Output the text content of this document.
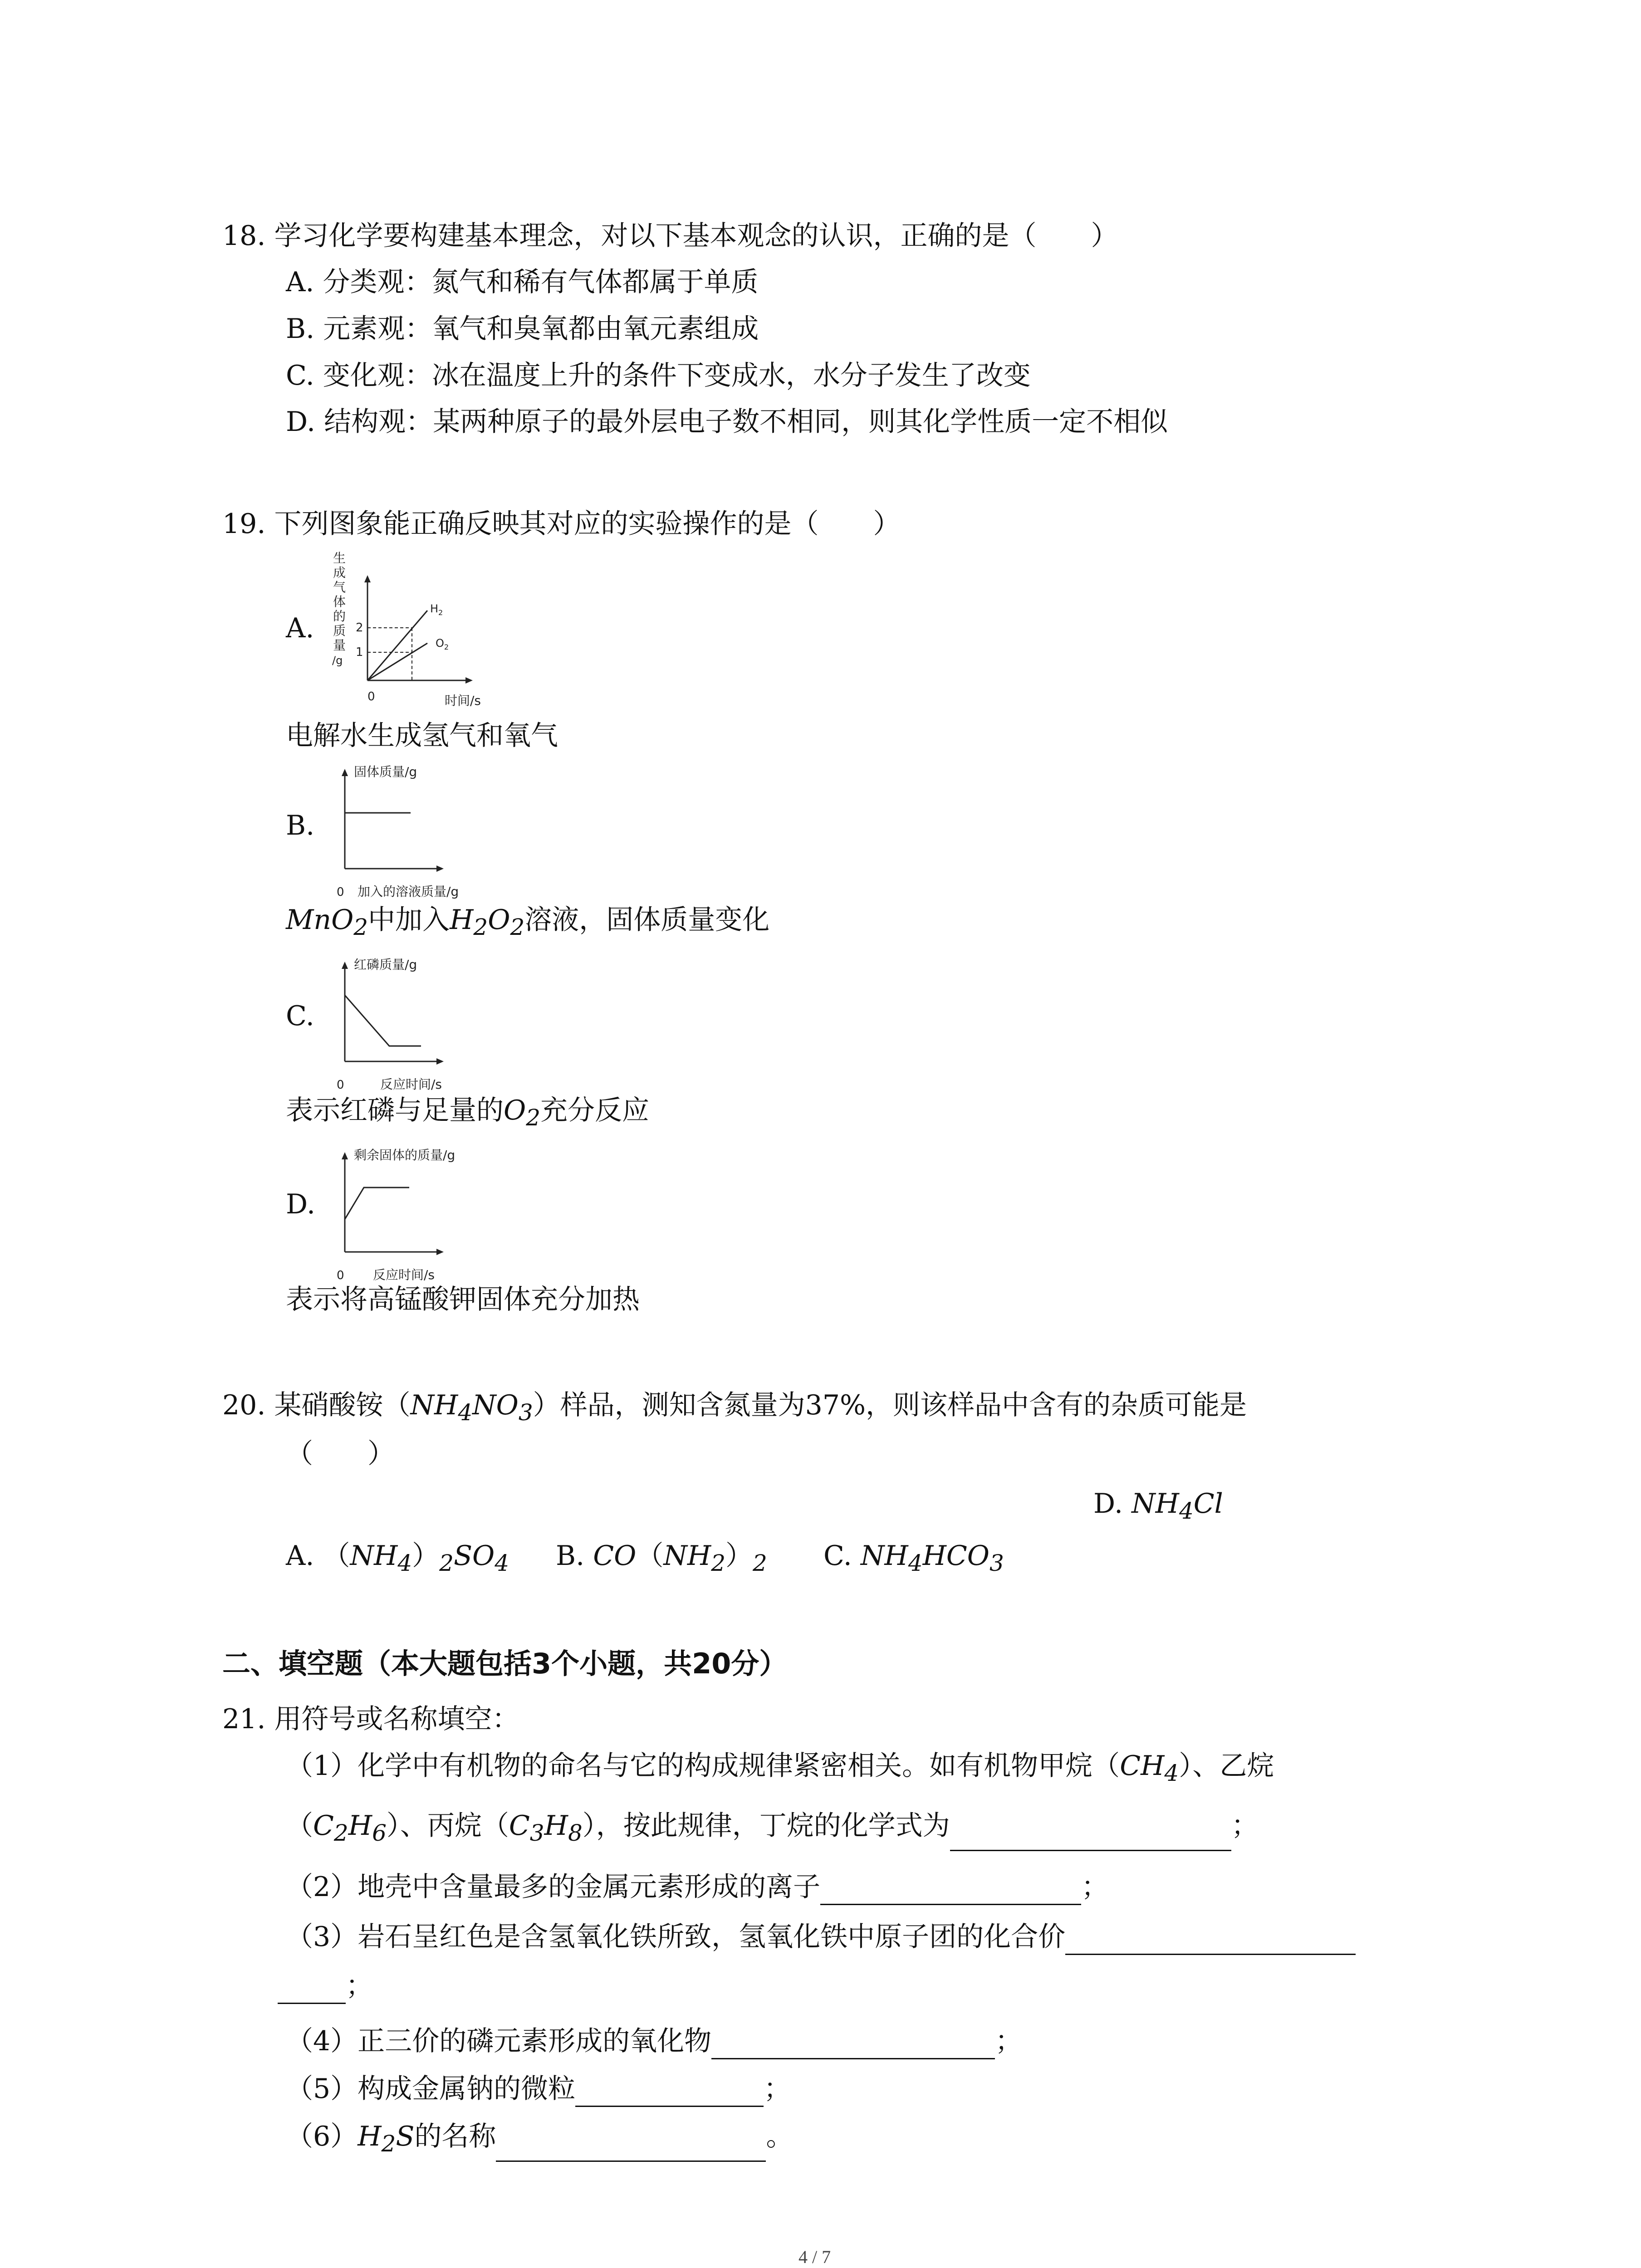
18. 学习化学要构建基本理念，对以下基本观念的认识，正确的是（　　）
A. 分类观：氮气和稀有气体都属于单质
B. 元素观：氧气和臭氧都由氧元素组成
C. 变化观：冰在温度上升的条件下变成水，水分子发生了改变
D. 结构观：某两种原子的最外层电子数不相同，则其化学性质一定不相似
19. 下列图象能正确反映其对应的实验操作的是（　　）
A.
生
成
气
体
的
质
量
/g
2
1
$H_2$
$O_2$
0	时间/s
电解水生成氢气和氧气
B.
固体质量/g
0 加入的溶液质量/g
MnO$_2$中加入$H_2O_2$溶液，固体质量变化
C.
红磷质量/g
0	反应时间/s
表示红磷与足量的$O_2$充分反应
D.
剩余固体的质量/g
0 反应时间/s
表示将高锰酸钾固体充分加热
20. 某硝酸铵$(NH_4NO_3)$样品，测知含氮量为37%，则该样品中含有的杂质可能是
（　　）
D. $NH_4Cl$
A. $(NH_4)_2SO_4$ B. $CO(NH_2)_2$ C. $NH_4HCO_3$
二、填空题（本大题包括3个小题，共20分）
21. 用符号或名称填空：
（1）化学中有机物的命名与它的构成规律紧密相关。如有机物甲烷$(CH_4)$、乙烷
$(C_2H_6)$、丙烷$(C_3H_8)$，按此规律，丁烷的化学式为	；
（2）地壳中含量最多的金属元素形成的离子	；
（3）岩石呈红色是含氢氧化铁所致，氢氧化铁中原子团的化合价
；
（4）正三价的磷元素形成的氧化物	；
（5）构成金属钠的微粒	；
$(6)H_2S$的名称	。
4 / 7
